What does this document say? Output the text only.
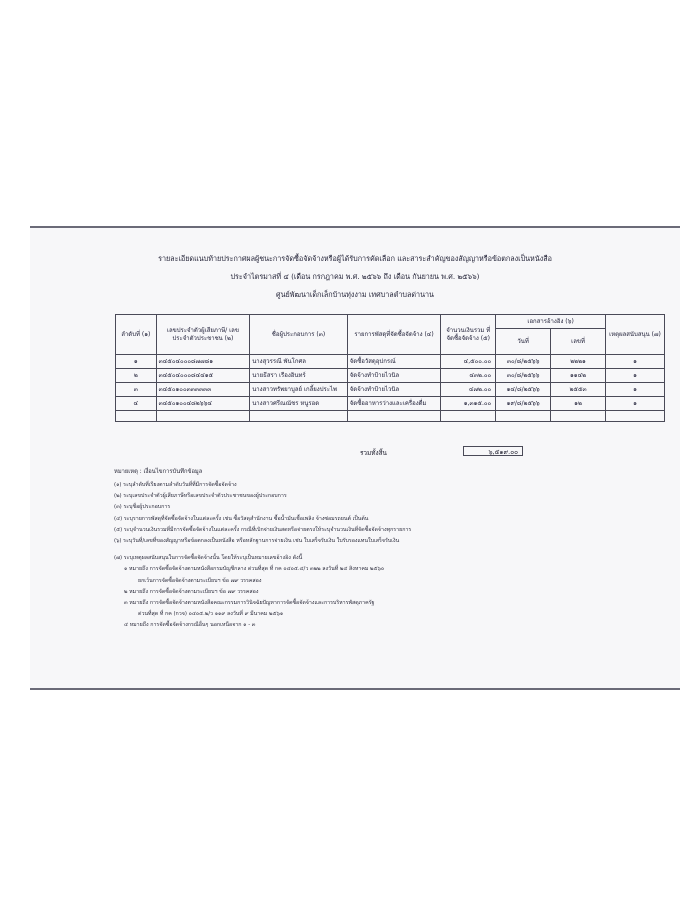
รายละเอียดแนบท้ายประกาศผลผู้ชนะการจัดซื้อจัดจ้างหรือผู้ได้รับการคัดเลือก และสาระสำคัญของสัญญาหรือข้อตกลงเป็นหนังสือ
ประจำไตรมาสที่ ๔ (เดือน กรกฎาคม พ.ศ. ๒๕๖๖ ถึง เดือน กันยายน พ.ศ. ๒๕๖๖)
ศูนย์พัฒนาเด็กเล็กบ้านทุ่งงาม เทศบาลตำบลด่านาน
ลำดับที่ (๑)	เลขประจำตัวผู้เสียภาษี/ เลขประจำตัวประชาชน (๒)	ชื่อผู้ประกอบการ (๓)	รายการพัสดุที่จัดซื้อจัดจ้าง (๔)	จำนวนเงินรวม ที่จัดซื้อจัดจ้าง (๕)	เอกสารอ้างอิง (๖)		เหตุผลสนับสนุน (๗)
					วันที่	เลขที่	
๑	๓๔๕๐๔๐๐๐๘๗๗๘๑	นางสุวรรณี พันโกศล	จัดซื้อวัสดุอุปกรณ์	๔,๕๐๐.๐๐	๓๐/๘/๒๕๖๖	๒๒๒๑	๑
๒	๓๔๕๐๔๐๐๐๘๔๔๑๕	นายธีสรา เรืองอินทร์	จัดจ้างทำป้ายไวนิล	๔๓๒.๐๐	๓๐/๘/๒๕๖๖	๑๑๔๒	๑
๓	๓๔๕๐๑๐๐๓๓๓๓๓๓	นางสาวทรัพยาบูลย์ เกลี้ยงประไพ	จัดจ้างทำป้ายไวนิล	๔๗๒.๐๐	๑๔/๘/๒๕๖๖	๒๕๕๓	๑
๔	๓๔๕๐๑๐๐๔๘๒๖๖๔	นางสาวศรีณณัชร หนูรอด	จัดซื้ออาหารว่างและเครื่องดื่ม	๑,๓๑๕.๐๐	๑๙/๘/๒๕๖๖	๑๒	๑

รวมทั้งสิ้น	๖,๕๑๙.๐๐
หมายเหตุ : เงื่อนไขการบันทึกข้อมูล
(๑) ระบุลำดับที่เรียงตามลำดับวันที่ที่มีการจัดซื้อจัดจ้าง
(๒) ระบุเลขประจำตัวผู้เสียภาษีหรือเลขประจำตัวประชาชนของผู้ประกอบการ
(๓) ระบุชื่อผู้ประกอบการ
(๔) ระบุรายการพัสดุที่จัดซื้อจัดจ้างในแต่ละครั้ง เช่น ซื้อวัสดุสำนักงาน ซื้อน้ำมันเชื้อเพลิง จ้างซ่อมรถยนต์ เป็นต้น
(๕) ระบุจำนวนเงินรวมที่มีการจัดซื้อจัดจ้างในแต่ละครั้ง กรณีที่เบิกจ่ายเงินสดหรือจ่ายตรงให้ระบุจำนวนเงินที่จัดซื้อจัดจ้างทุกรายการ
(๖) ระบุวันที่/เลขที่ของสัญญาหรือข้อตกลงเป็นหนังสือ หรือหลักฐานการจ่ายเงิน เช่น ใบเสร็จรับเงิน ใบรับรองแทนใบเสร็จรับเงิน
(๗) ระบุเหตุผลสนับสนุนในการจัดซื้อจัดจ้างนั้น โดยให้ระบุเป็นหมายเลขอ้างอิง ดังนี้
๑ หมายถึง การจัดซื้อจัดจ้างตามหนังสือกรมบัญชีกลาง ด่วนที่สุด ที่ กค ๐๔๐๕.๔/ว ๓๒๒ ลงวันที่ ๒๔ สิงหาคม ๒๕๖๐
ยกเว้นการจัดซื้อจัดจ้างตามระเบียบฯ ข้อ ๗๙ วรรคสอง
๒ หมายถึง การจัดซื้อจัดจ้างตามระเบียบฯ ข้อ ๗๙ วรรคสอง
๓ หมายถึง การจัดซื้อจัดจ้างตามหนังสือคณะกรรมการวินิจฉัยปัญหาการจัดซื้อจัดจ้างและการบริหารพัสดุภาครัฐ
ด่วนที่สุด ที่ กค (กวจ) ๐๔๐๕.๒/ว ๑๑๙ ลงวันที่ ๙ มีนาคม ๒๕๖๑
๔ หมายถึง การจัดซื้อจัดจ้างกรณีอื่นๆ นอกเหนือจาก ๑ - ๓
